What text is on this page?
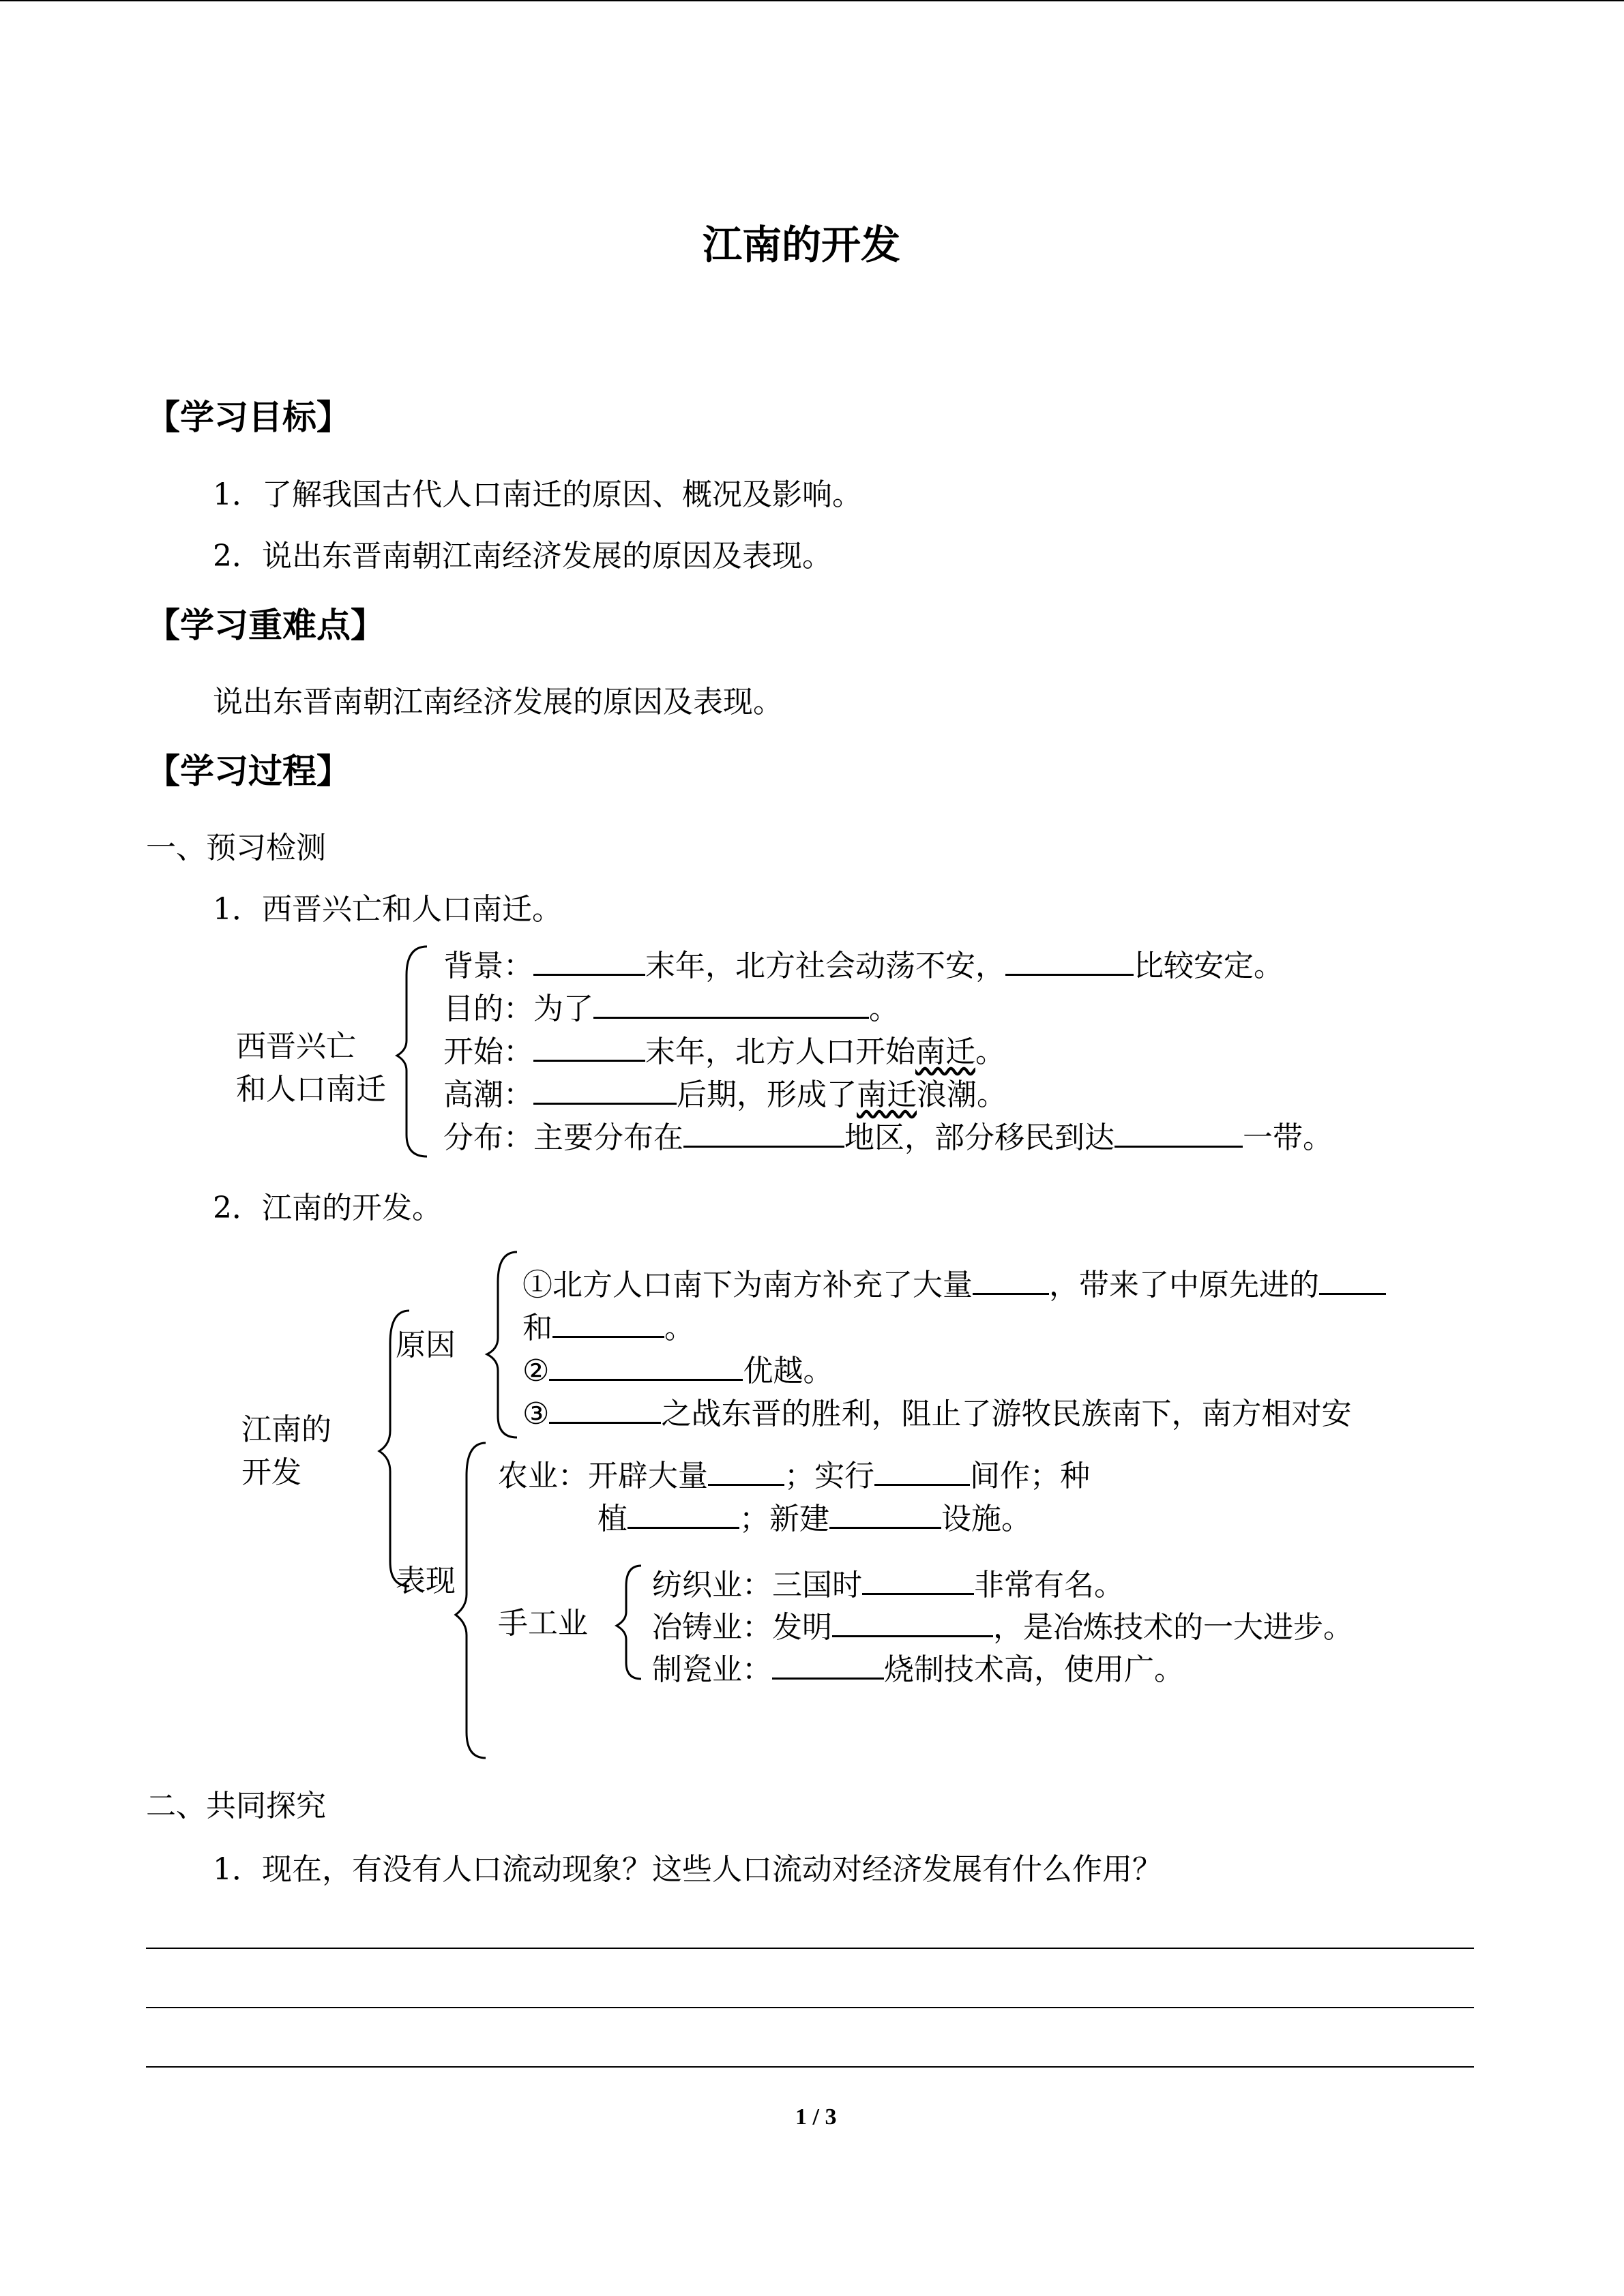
江南的开发
【学习目标】
1．了解我国古代人口南迁的原因、概况及影响。
2．说出东晋南朝江南经济发展的原因及表现。
【学习重难点】
说出东晋南朝江南经济发展的原因及表现。
【学习过程】
一、预习检测
1．西晋兴亡和人口南迁。
西晋兴亡
和人口南迁
背景：	末年，北方社会动荡不安，	比较安定。
目的：为了	。
开始：	末年，北方人口开始南迁。
高潮：	后期，形成了南迁浪潮。
分布：主要分布在	地区，部分移民到达	一带。
2．江南的开发。
江南的
开发
原因
①北方人口南下为南方补充了大量	，带来了中原先进的
和	。
②	优越。
③	之战东晋的胜利，阻止了游牧民族南下，南方相对安
农业：开辟大量	；实行	间作；种
植	；新建	设施。
表现
手工业
纺织业：三国时	非常有名。
冶铸业：发明	，是冶炼技术的一大进步。
制瓷业：	烧制技术高，使用广。
二、共同探究
1．现在，有没有人口流动现象？这些人口流动对经济发展有什么作用？
1 / 3
